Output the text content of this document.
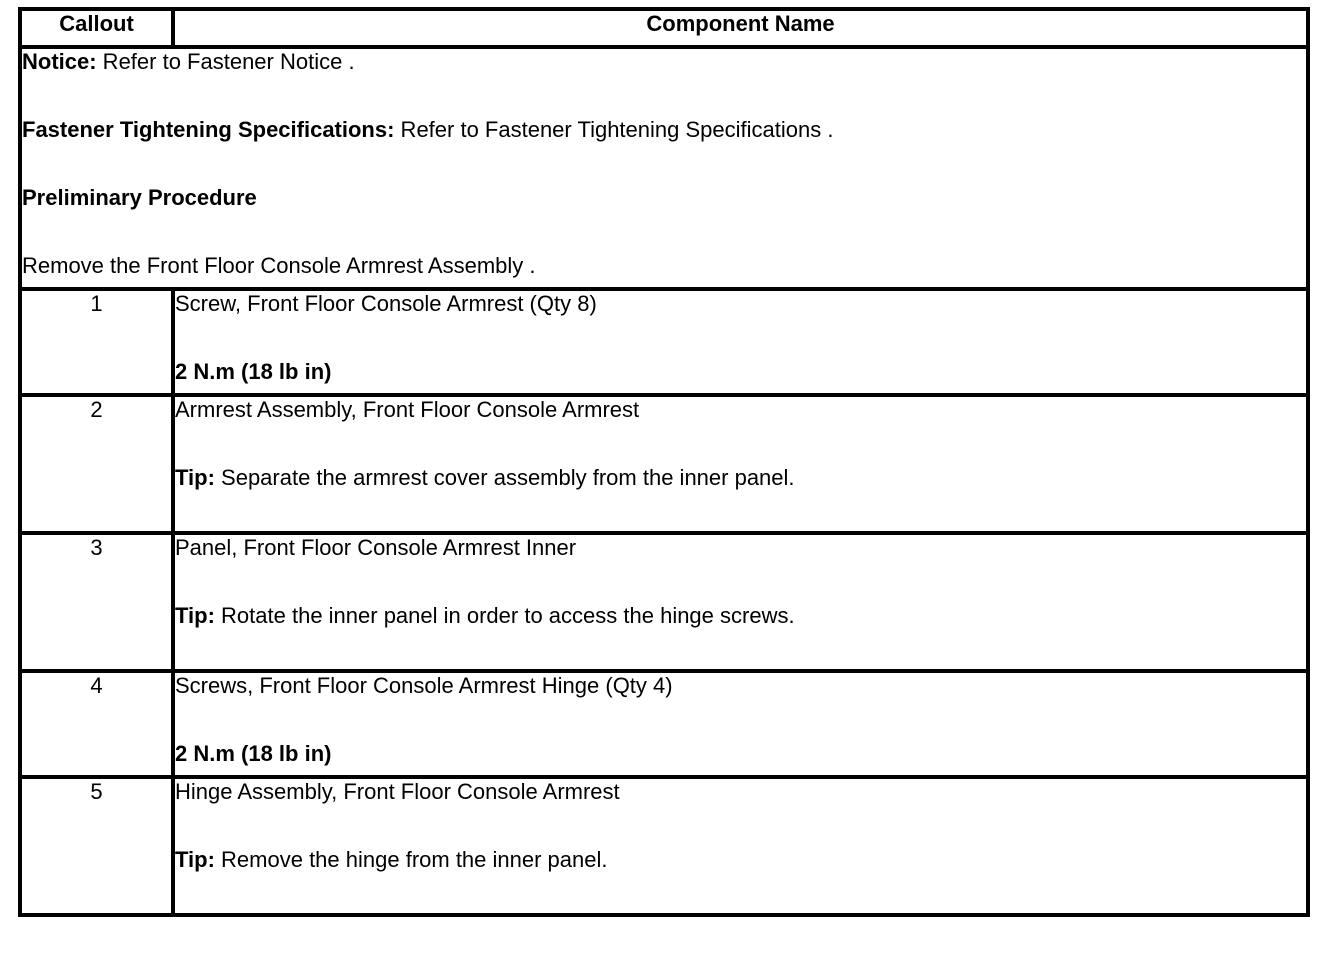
Callout	Component Name

Notice: Refer to Fastener Notice .
Fastener Tightening Specifications: Refer to Fastener Tightening Specifications .
Preliminary Procedure
Remove the Front Floor Console Armrest Assembly .	

1	Screw, Front Floor Console Armrest (Qty 8)
2 N.m (18 lb in)

2	Armrest Assembly, Front Floor Console Armrest
Tip: Separate the armrest cover assembly from the inner panel.

3	Panel, Front Floor Console Armrest Inner
Tip: Rotate the inner panel in order to access the hinge screws.

4	Screws, Front Floor Console Armrest Hinge (Qty 4)
2 N.m (18 lb in)

5	Hinge Assembly, Front Floor Console Armrest
Tip: Remove the hinge from the inner panel.
